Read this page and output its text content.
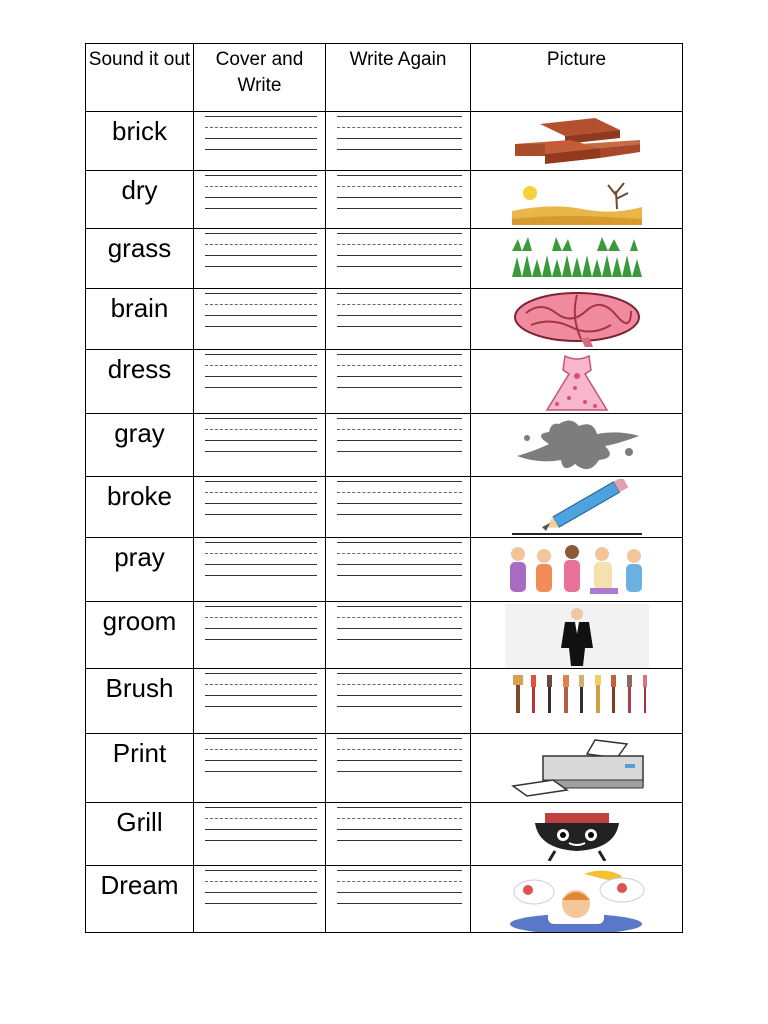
Sound it out	Cover and Write	Write Again	Picture
brick	

dry	

grass	

brain	

dress	

gray	

broke	

pray	

groom	

Brush	

Print	

Grill	

Dream	
